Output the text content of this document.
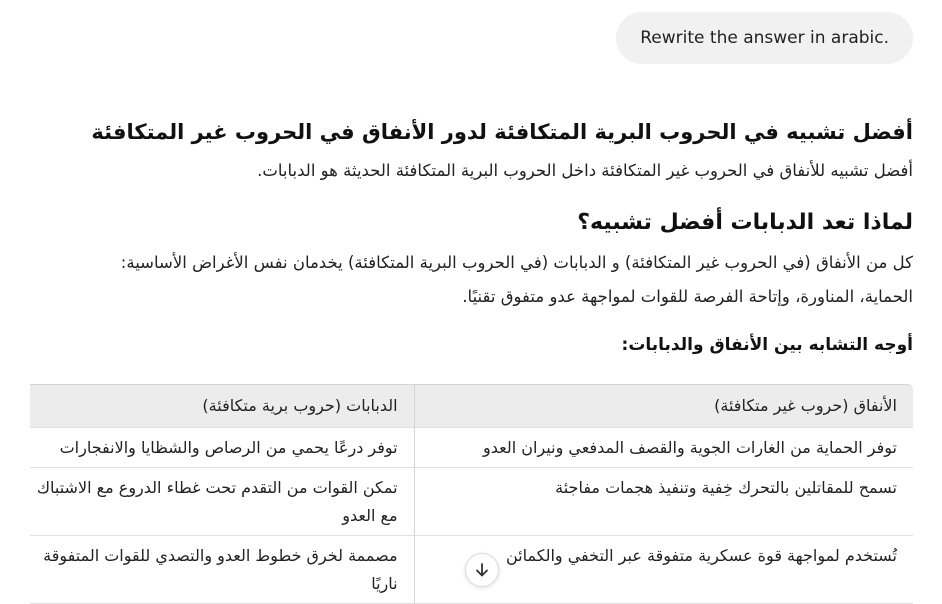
Rewrite the answer in arabic.
أفضل تشبيه في الحروب البرية المتكافئة لدور الأنفاق في الحروب غير المتكافئة

أفضل تشبيه للأنفاق في الحروب غير المتكافئة داخل الحروب البرية المتكافئة الحديثة هو الدبابات.

لماذا تعد الدبابات أفضل تشبيه؟

كل من الأنفاق (في الحروب غير المتكافئة) و الدبابات (في الحروب البرية المتكافئة) يخدمان نفس الأغراض الأساسية:

الحماية، المناورة، وإتاحة الفرصة للقوات لمواجهة عدو متفوق تقنيًا.

أوجه التشابه بين الأنفاق والدبابات:
الأنفاق (حروب غير متكافئة)	الدبابات (حروب برية متكافئة)
توفر الحماية من الغارات الجوية والقصف المدفعي ونيران العدو	توفر درعًا يحمي من الرصاص والشظايا والانفجارات
تسمح للمقاتلين بالتحرك خِفية وتنفيذ هجمات مفاجئة	تمكن القوات من التقدم تحت غطاء الدروع مع الاشتباك مع العدو
تُستخدم لمواجهة قوة عسكرية متفوقة عبر التخفي والكمائن	مصممة لخرق خطوط العدو والتصدي للقوات المتفوقة ناريًا
